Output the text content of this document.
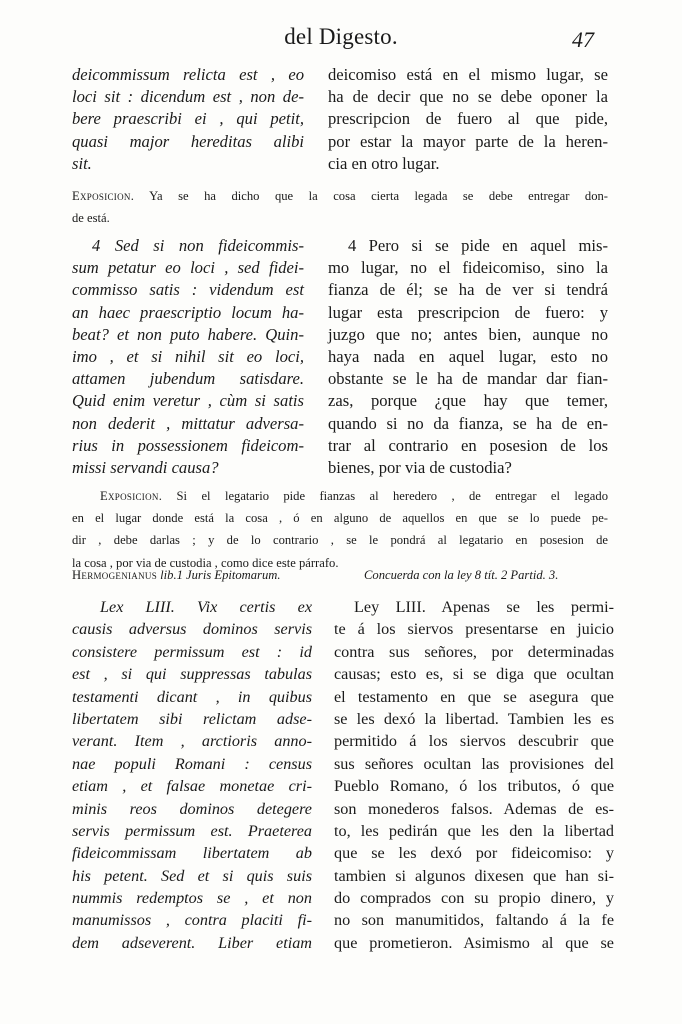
del Digesto.	47
deicommissum relicta est , eo
loci sit : dicendum est , non de-
bere praescribi ei , qui petit,
quasi major hereditas alibi
sit.
deicomiso está en el mismo lugar, se
ha de decir que no se debe oponer la
prescripcion de fuero al que pide,
por estar la mayor parte de la heren-
cia en otro lugar.
Exposicion. Ya se ha dicho que la cosa cierta legada se debe entregar don-
de está.
4 Sed si non fideicommis-
sum petatur eo loci , sed fidei-
commisso satis : videndum est
an haec praescriptio locum ha-
beat? et non puto habere. Quin-
imo , et si nihil sit eo loci,
attamen jubendum satisdare.
Quid enim veretur , cùm si satis
non dederit , mittatur adversa-
rius in possessionem fideicom-
missi servandi causa?
4 Pero si se pide en aquel mis-
mo lugar, no el fideicomiso, sino la
fianza de él; se ha de ver si tendrá
lugar esta prescripcion de fuero: y
juzgo que no; antes bien, aunque no
haya nada en aquel lugar, esto no
obstante se le ha de mandar dar fian-
zas, porque ¿que hay que temer,
quando si no da fianza, se ha de en-
trar al contrario en posesion de los
bienes, por via de custodia?
Exposicion. Si el legatario pide fianzas al heredero , de entregar el legado
en el lugar donde está la cosa , ó en alguno de aquellos en que se lo puede pe-
dir , debe darlas ; y de lo contrario , se le pondrá al legatario en posesion de
la cosa , por via de custodia , como dice este párrafo.
Hermogenianus lib.1 Juris Epitomarum.	Concuerda con la ley 8 tít. 2 Partid. 3.
Lex LIII. Vix certis ex
causis adversus dominos servis
consistere permissum est : id
est , si qui suppressas tabulas
testamenti dicant , in quibus
libertatem sibi relictam adse-
verant. Item , arctioris anno-
nae populi Romani : census
etiam , et falsae monetae cri-
minis reos dominos detegere
servis permissum est. Praeterea
fideicommissam libertatem ab
his petent. Sed et si quis suis
nummis redemptos se , et non
manumissos , contra placiti fi-
dem adseverent. Liber etiam
Ley LIII. Apenas se les permi-
te á los siervos presentarse en juicio
contra sus señores, por determinadas
causas; esto es, si se diga que ocultan
el testamento en que se asegura que
se les dexó la libertad. Tambien les es
permitido á los siervos descubrir que
sus señores ocultan las provisiones del
Pueblo Romano, ó los tributos, ó que
son monederos falsos. Ademas de es-
to, les pedirán que les den la libertad
que se les dexó por fideicomiso: y
tambien si algunos dixesen que han si-
do comprados con su propio dinero, y
no son manumitidos, faltando á la fe
que prometieron. Asimismo al que se
